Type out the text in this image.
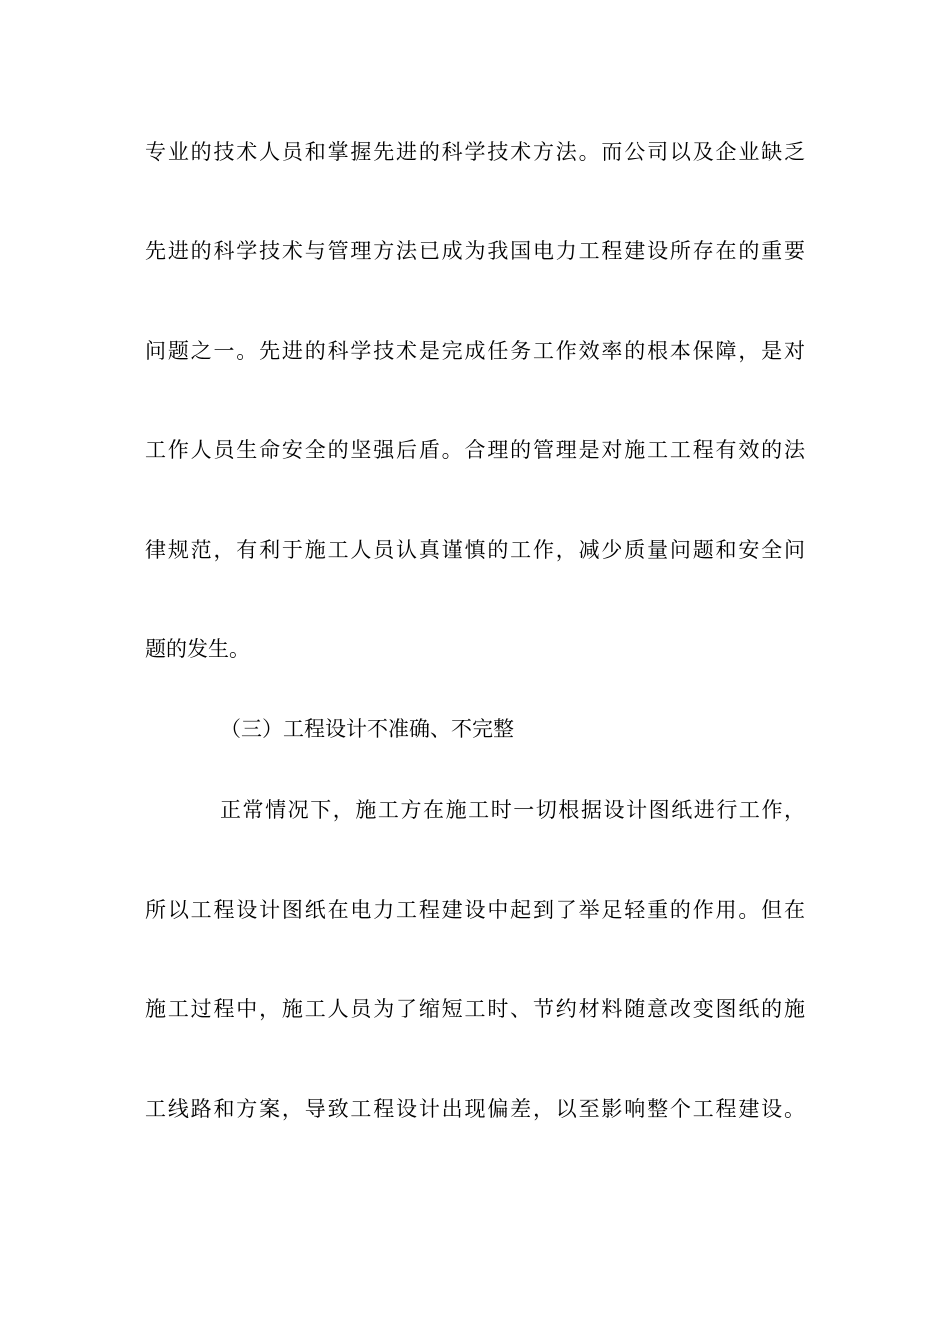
专业的技术人员和掌握先进的科学技术方法。而公司以及企业缺乏
先进的科学技术与管理方法已成为我国电力工程建设所存在的重要
问题之一。先进的科学技术是完成任务工作效率的根本保障，是对
工作人员生命安全的坚强后盾。合理的管理是对施工工程有效的法
律规范，有利于施工人员认真谨慎的工作，减少质量问题和安全问
题的发生。
（三）工程设计不准确、不完整
正常情况下，施工方在施工时一切根据设计图纸进行工作，
所以工程设计图纸在电力工程建设中起到了举足轻重的作用。但在
施工过程中，施工人员为了缩短工时、节约材料随意改变图纸的施
工线路和方案，导致工程设计出现偏差，以至影响整个工程建设。
